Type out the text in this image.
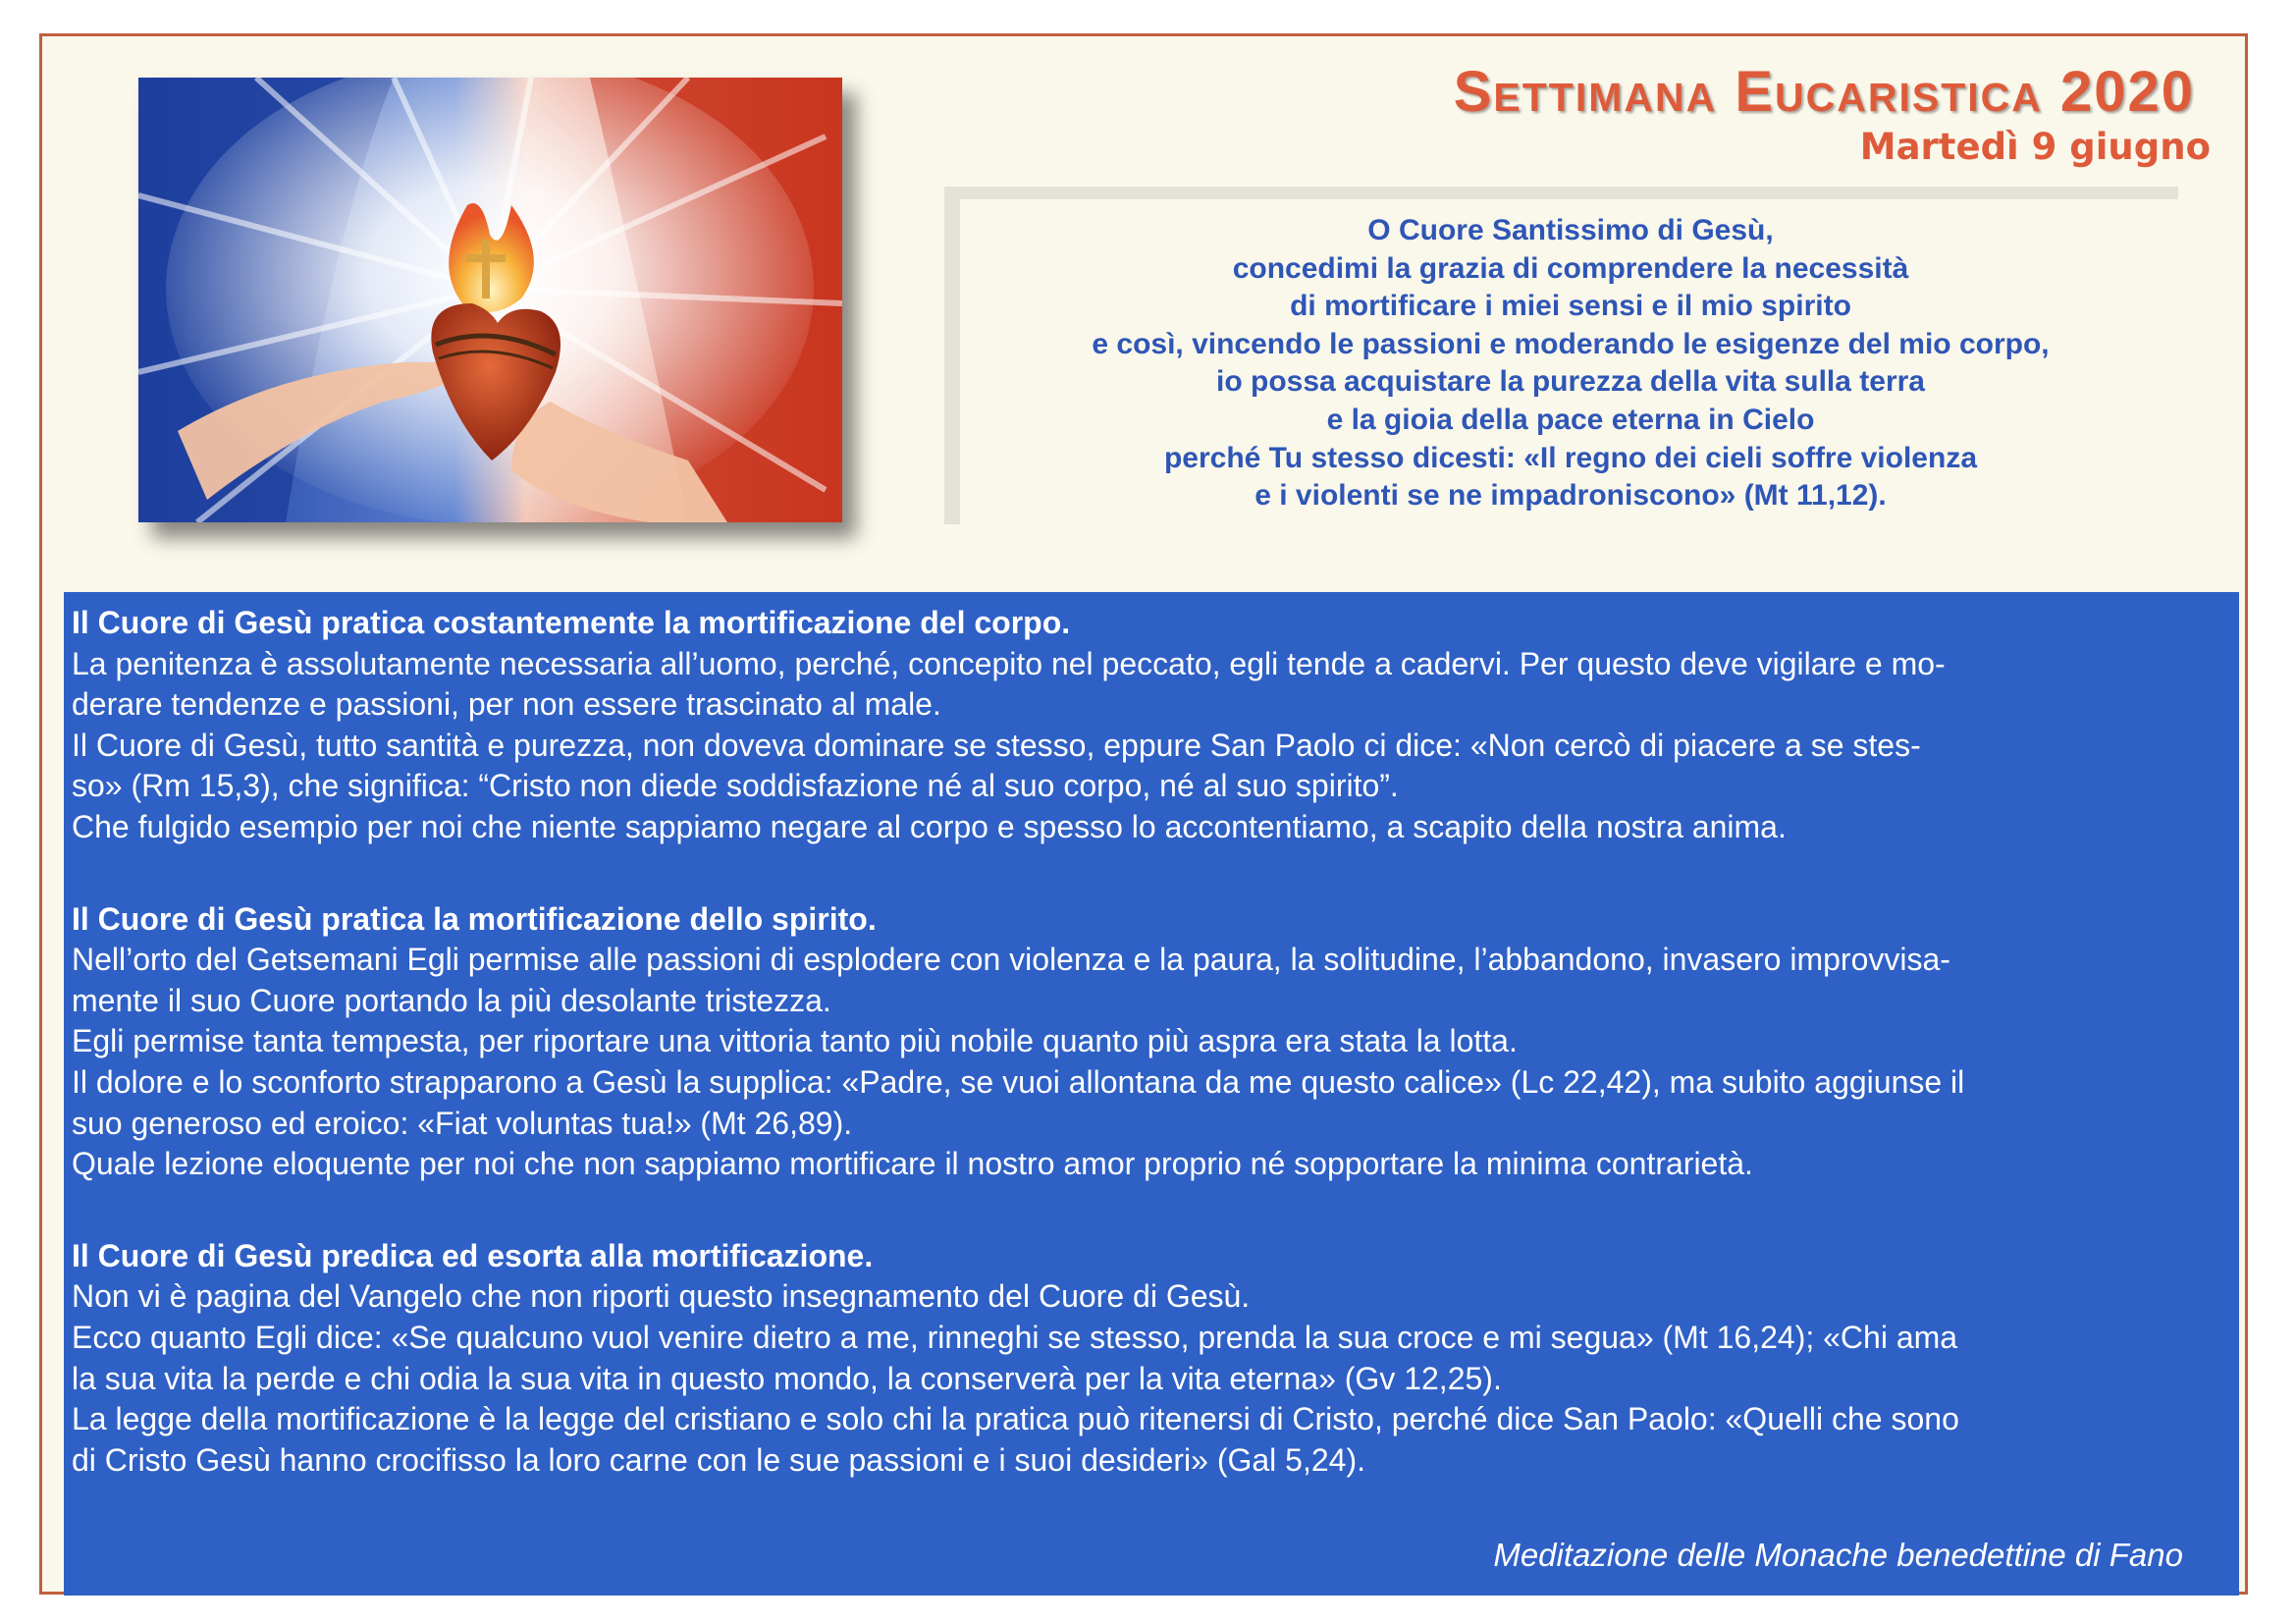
Settimana Eucaristica 2020
Martedì 9 giugno
O Cuore Santissimo di Gesù,
concedimi la grazia di comprendere la necessità
di mortificare i miei sensi e il mio spirito
e così, vincendo le passioni e moderando le esigenze del mio corpo,
io possa acquistare la purezza della vita sulla terra
e la gioia della pace eterna in Cielo
perché Tu stesso dicesti: «Il regno dei cieli soffre violenza
e i violenti se ne impadroniscono» (Mt 11,12).

Il Cuore di Gesù pratica costantemente la mortificazione del corpo.

La penitenza è assolutamente necessaria all’uomo, perché, concepito nel peccato, egli tende a cadervi. Per questo deve vigilare e mo-

derare tendenze e passioni, per non essere trascinato al male.

Il Cuore di Gesù, tutto santità e purezza, non doveva dominare se stesso, eppure San Paolo ci dice: «Non cercò di piacere a se stes-

so» (Rm 15,3), che significa: “Cristo non diede soddisfazione né al suo corpo, né al suo spirito”.

Che fulgido esempio per noi che niente sappiamo negare al corpo e spesso lo accontentiamo, a scapito della nostra anima.

Il Cuore di Gesù pratica la mortificazione dello spirito.

Nell’orto del Getsemani Egli permise alle passioni di esplodere con violenza e la paura, la solitudine, l’abbandono, invasero improvvisa-

mente il suo Cuore portando la più desolante tristezza.

Egli permise tanta tempesta, per riportare una vittoria tanto più nobile quanto più aspra era stata la lotta.

Il dolore e lo sconforto strapparono a Gesù la supplica: «Padre, se vuoi allontana da me questo calice» (Lc 22,42), ma subito aggiunse il

suo generoso ed eroico: «Fiat voluntas tua!» (Mt 26,89).

Quale lezione eloquente per noi che non sappiamo mortificare il nostro amor proprio né sopportare la minima contrarietà.

Il Cuore di Gesù predica ed esorta alla mortificazione.

Non vi è pagina del Vangelo che non riporti questo insegnamento del Cuore di Gesù.

Ecco quanto Egli dice: «Se qualcuno vuol venire dietro a me, rinneghi se stesso, prenda la sua croce e mi segua» (Mt 16,24); «Chi ama

la sua vita la perde e chi odia la sua vita in questo mondo, la conserverà per la vita eterna» (Gv 12,25).

La legge della mortificazione è la legge del cristiano e solo chi la pratica può ritenersi di Cristo, perché dice San Paolo: «Quelli che sono

di Cristo Gesù hanno crocifisso la loro carne con le sue passioni e i suoi desideri» (Gal 5,24).

Meditazione delle Monache benedettine di Fano
